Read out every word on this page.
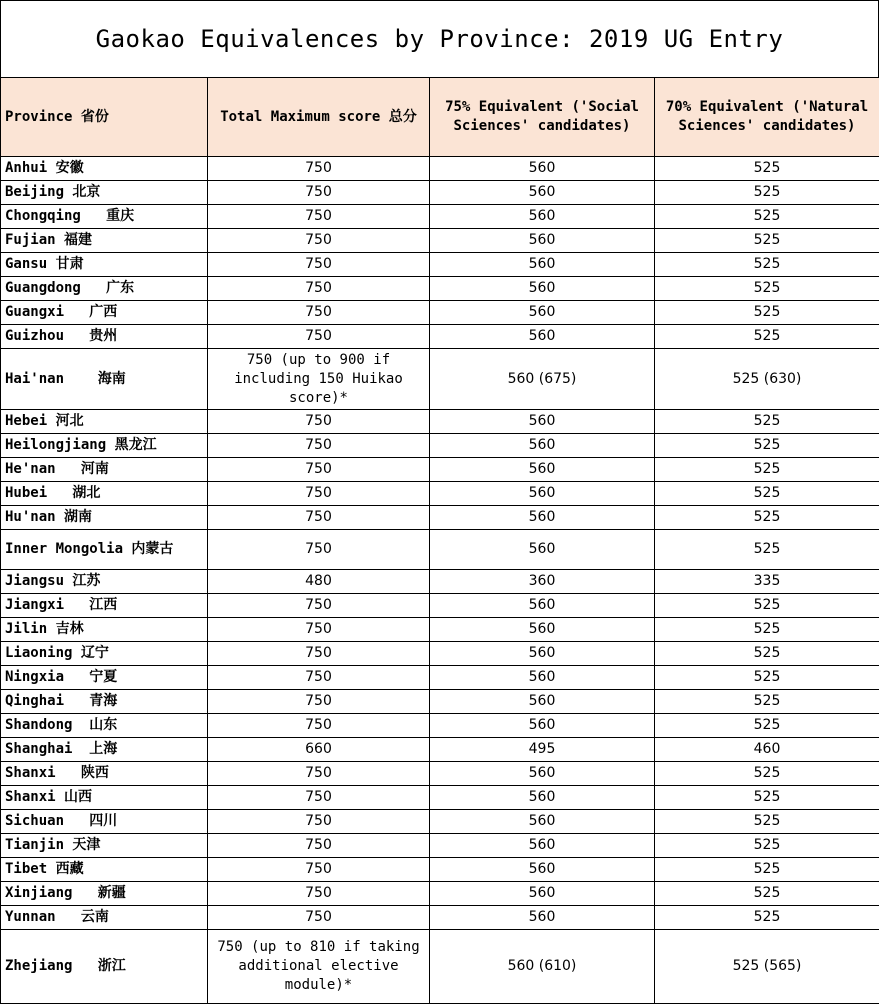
Gaokao Equivalences by Province: 2019 UG Entry
Province 省份	Total Maximum score 总分	75% Equivalent ('Social Sciences' candidates)	70% Equivalent ('Natural Sciences' candidates)
Anhui 安徽	750	560	525
Beijing 北京	750	560	525
Chongqing   重庆	750	560	525
Fujian 福建	750	560	525
Gansu 甘肃	750	560	525
Guangdong   广东	750	560	525
Guangxi   广西	750	560	525
Guizhou   贵州	750	560	525
Hai'nan    海南	750 (up to 900 if including 150 Huikao score)*	560 (675)	525 (630)
Hebei 河北	750	560	525
Heilongjiang 黑龙江	750	560	525
He'nan   河南	750	560	525
Hubei   湖北	750	560	525
Hu'nan 湖南	750	560	525
Inner Mongolia 内蒙古	750	560	525
Jiangsu 江苏	480	360	335
Jiangxi   江西	750	560	525
Jilin 吉林	750	560	525
Liaoning 辽宁	750	560	525
Ningxia   宁夏	750	560	525
Qinghai   青海	750	560	525
Shandong  山东	750	560	525
Shanghai  上海	660	495	460
Shanxi   陕西	750	560	525
Shanxi 山西	750	560	525
Sichuan   四川	750	560	525
Tianjin 天津	750	560	525
Tibet 西藏	750	560	525
Xinjiang   新疆	750	560	525
Yunnan   云南	750	560	525
Zhejiang   浙江	750 (up to 810 if taking additional elective module)*	560 (610)	525 (565)
